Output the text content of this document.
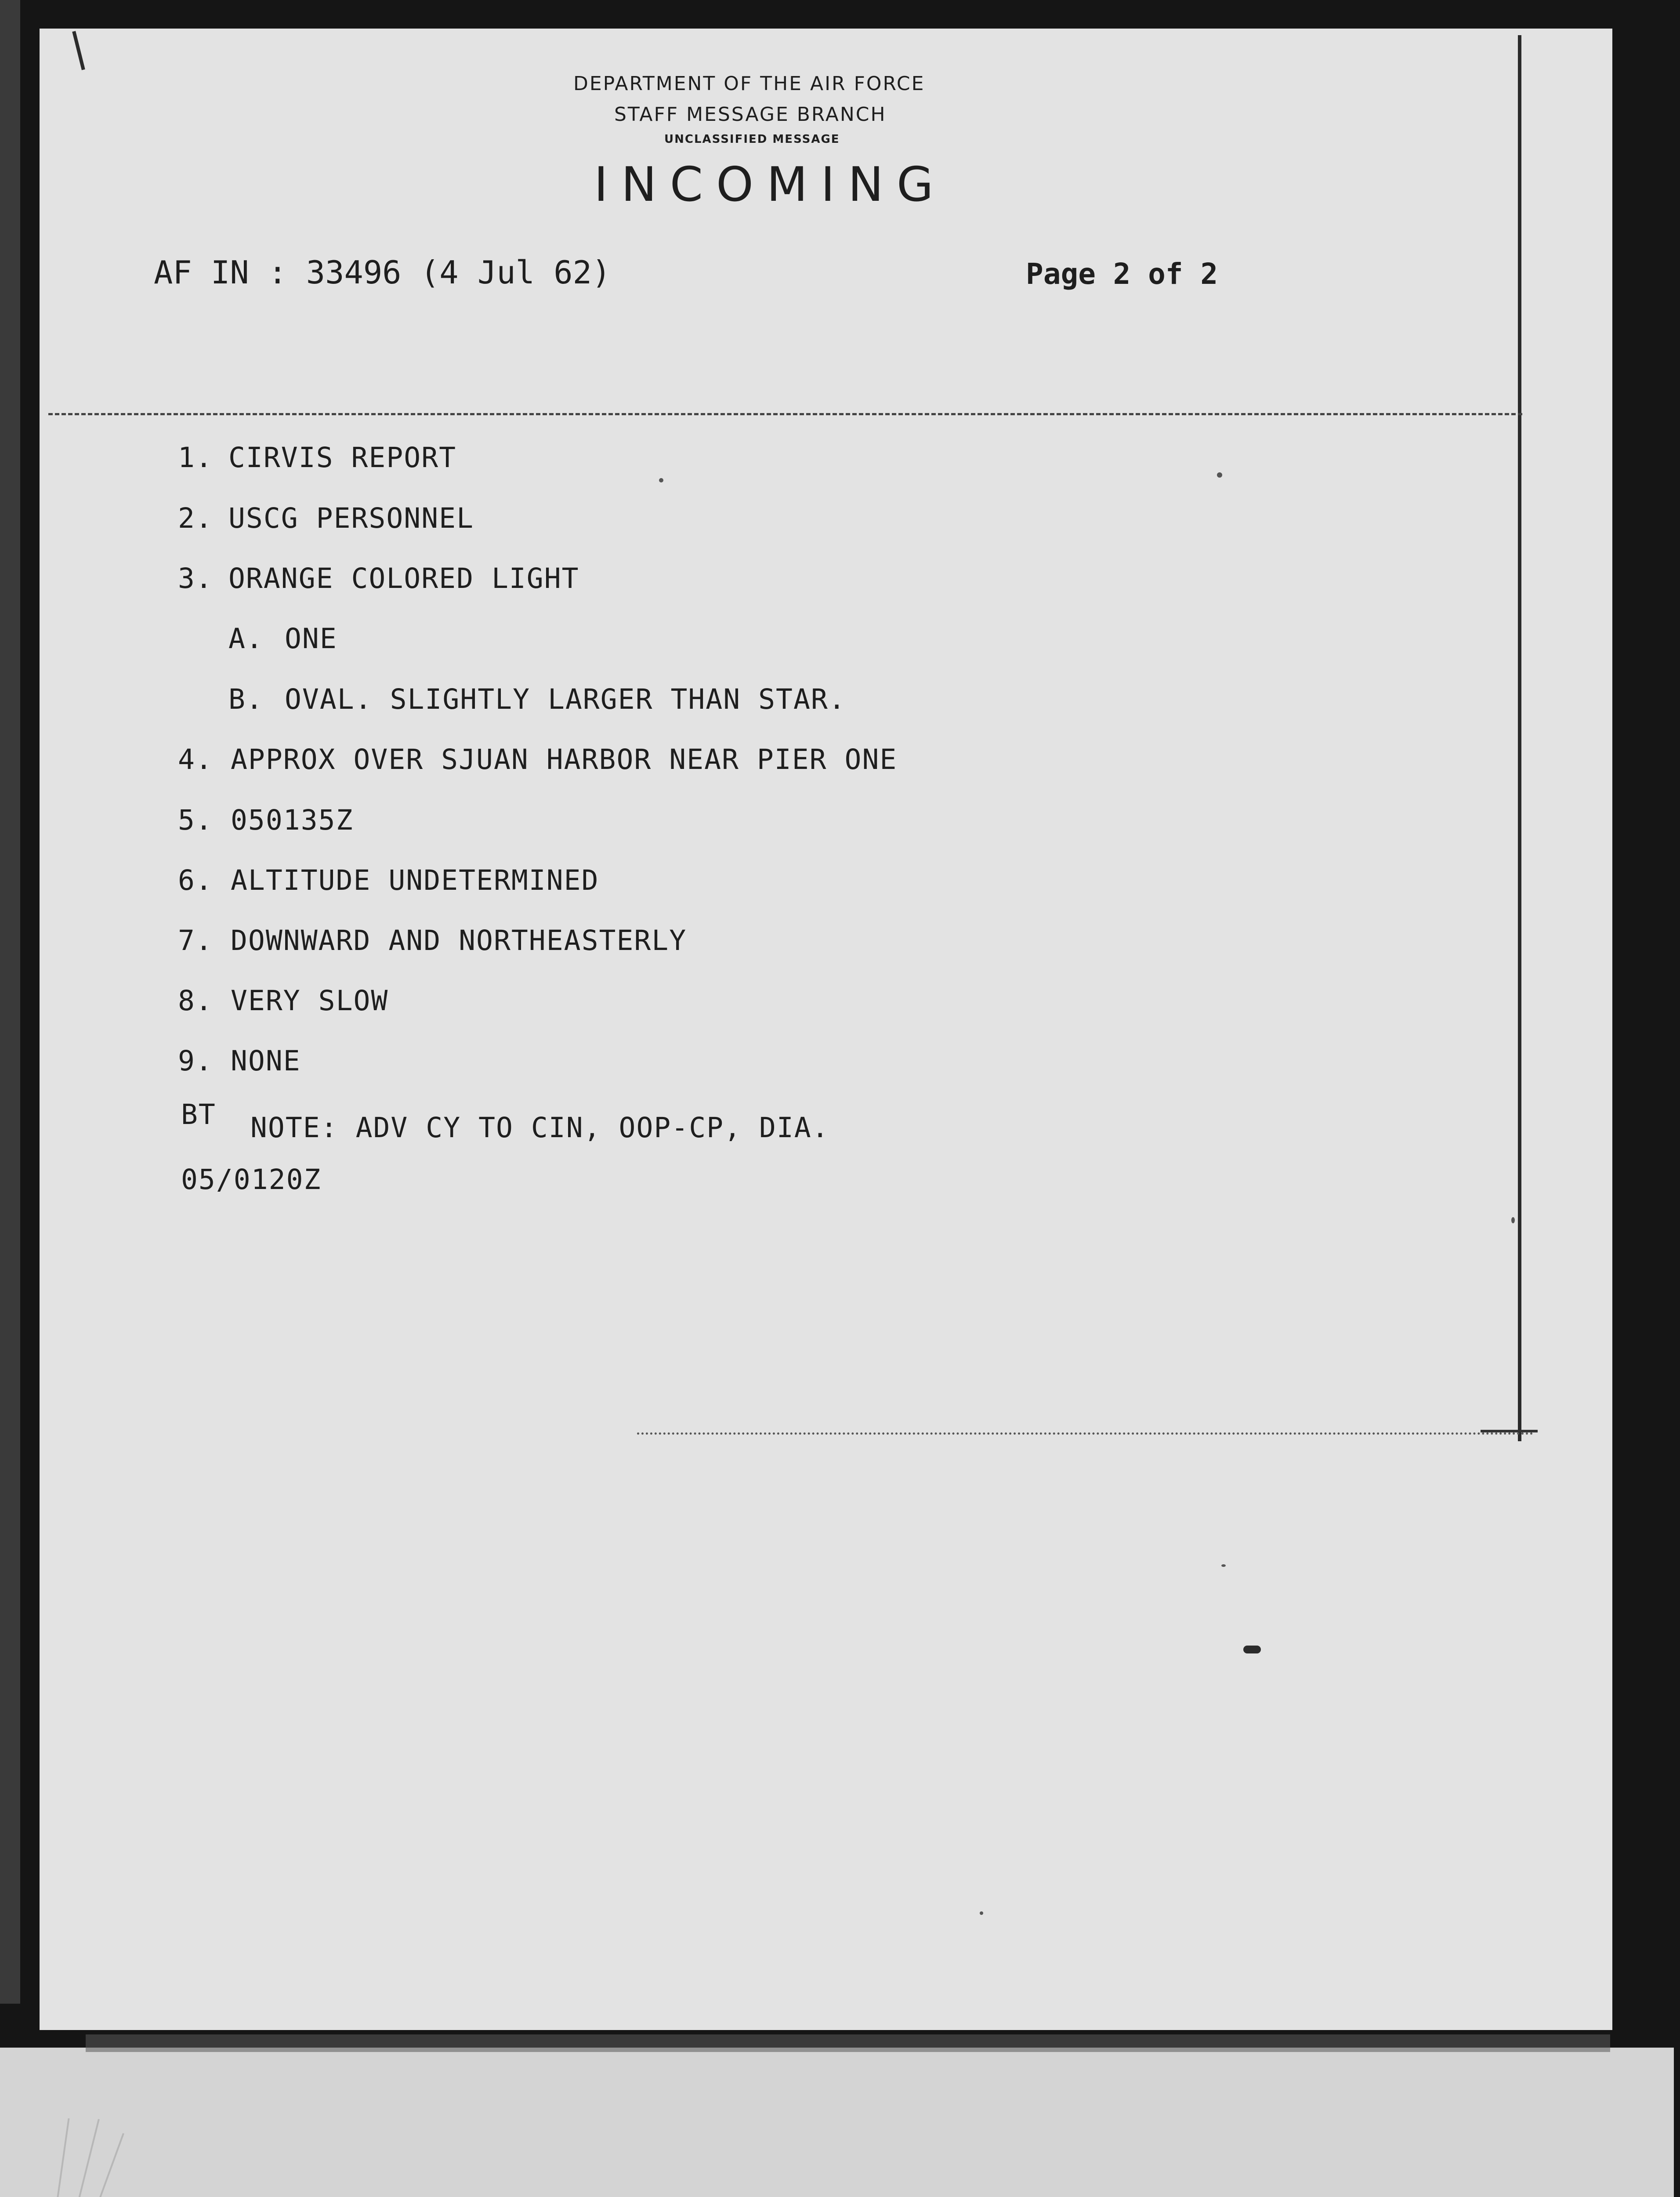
DEPARTMENT OF THE AIR FORCE
STAFF MESSAGE BRANCH
UNCLASSIFIED MESSAGE
INCOMING
AF IN : 33496 (4 Jul 62)	Page 2 of 2
1. CIRVIS REPORT
2. USCG PERSONNEL
3. ORANGE COLORED LIGHT
A. ONE
B. OVAL. SLIGHTLY LARGER THAN STAR.
4. APPROX OVER SJUAN HARBOR NEAR PIER ONE
5. 050135Z
6. ALTITUDE UNDETERMINED
7. DOWNWARD AND NORTHEASTERLY
8. VERY SLOW
9. NONE
BT NOTE: ADV CY TO CIN, OOP-CP, DIA.
05/0120Z
